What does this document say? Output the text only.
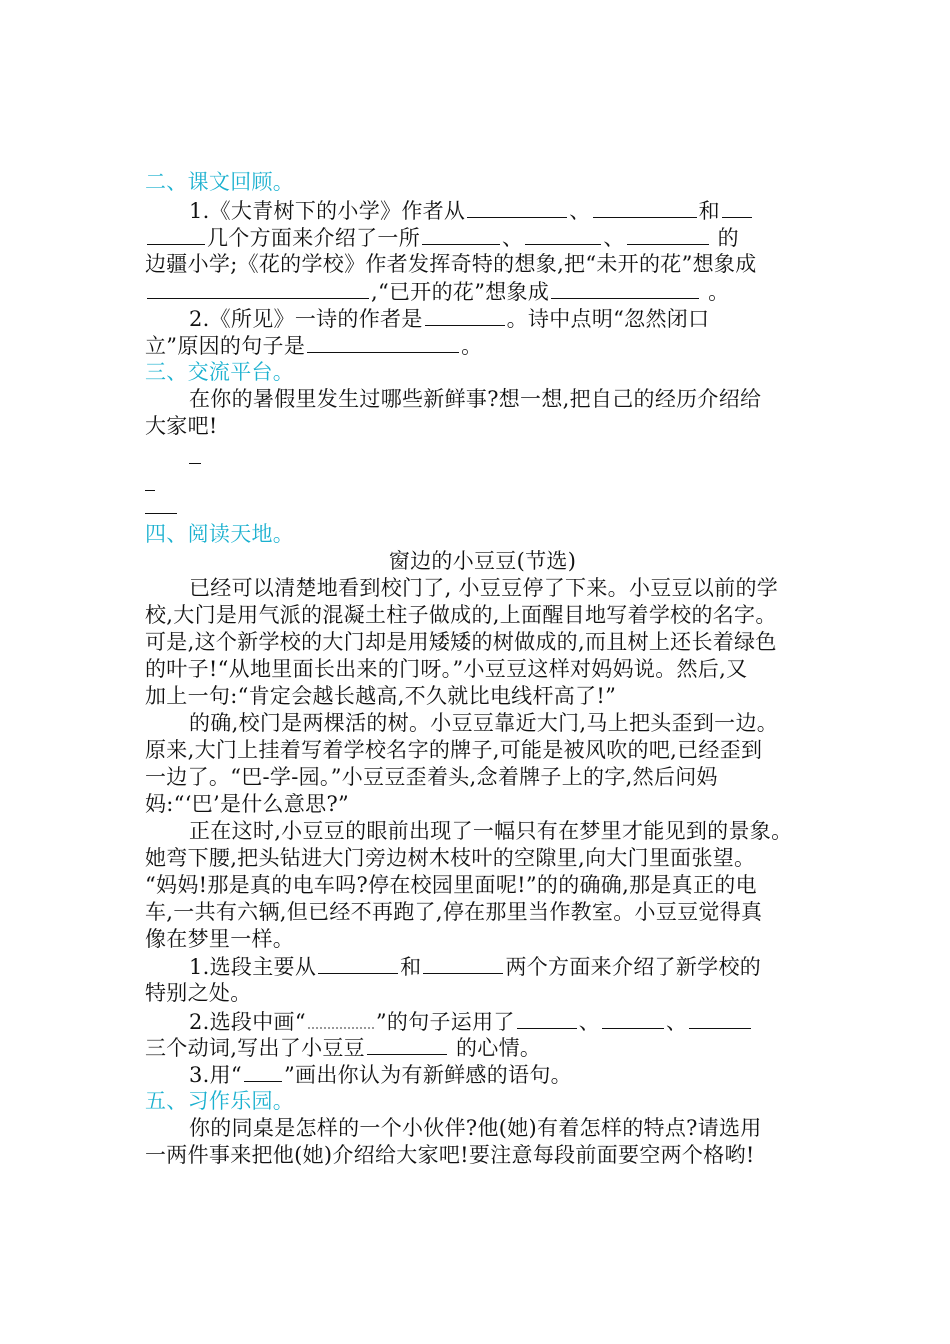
二、课文回顾。
1.《大青树下的小学》作者从	、	和
几个方面来介绍了一所	、	、	的
边疆小学;《花的学校》作者发挥奇特的想象,把“未开的花”想象成
,“已开的花”想象成	。
2.《所见》一诗的作者是	。诗中点明“忽然闭口
立”原因的句子是	。
三、交流平台。
在你的暑假里发生过哪些新鲜事?想一想,把自己的经历介绍给
大家吧!
四、阅读天地。
窗边的小豆豆(节选)
已经可以清楚地看到校门了, 小豆豆停了下来。小豆豆以前的学
校,大门是用气派的混凝土柱子做成的,上面醒目地写着学校的名字。
可是,这个新学校的大门却是用矮矮的树做成的,而且树上还长着绿色
的叶子!“从地里面长出来的门呀。”小豆豆这样对妈妈说。然后,又
加上一句:“肯定会越长越高,不久就比电线杆高了!”
的确,校门是两棵活的树。小豆豆靠近大门,马上把头歪到一边。
原来,大门上挂着写着学校名字的牌子,可能是被风吹的吧,已经歪到
一边了。“巴-学-园。”小豆豆歪着头,念着牌子上的字,然后问妈
妈:“‘巴’是什么意思?”
正在这时,小豆豆的眼前出现了一幅只有在梦里才能见到的景象。
她弯下腰,把头钻进大门旁边树木枝叶的空隙里,向大门里面张望。
“妈妈!那是真的电车吗?停在校园里面呢!”的的确确,那是真正的电
车,一共有六辆,但已经不再跑了,停在那里当作教室。小豆豆觉得真
像在梦里一样。
1.选段主要从	和	两个方面来介绍了新学校的
特别之处。
2.选段中画“	”的句子运用了	、	、
三个动词,写出了小豆豆	的心情。
3.用“ ”画出你认为有新鲜感的语句。
五、习作乐园。
你的同桌是怎样的一个小伙伴?他(她)有着怎样的特点?请选用
一两件事来把他(她)介绍给大家吧!要注意每段前面要空两个格哟!
